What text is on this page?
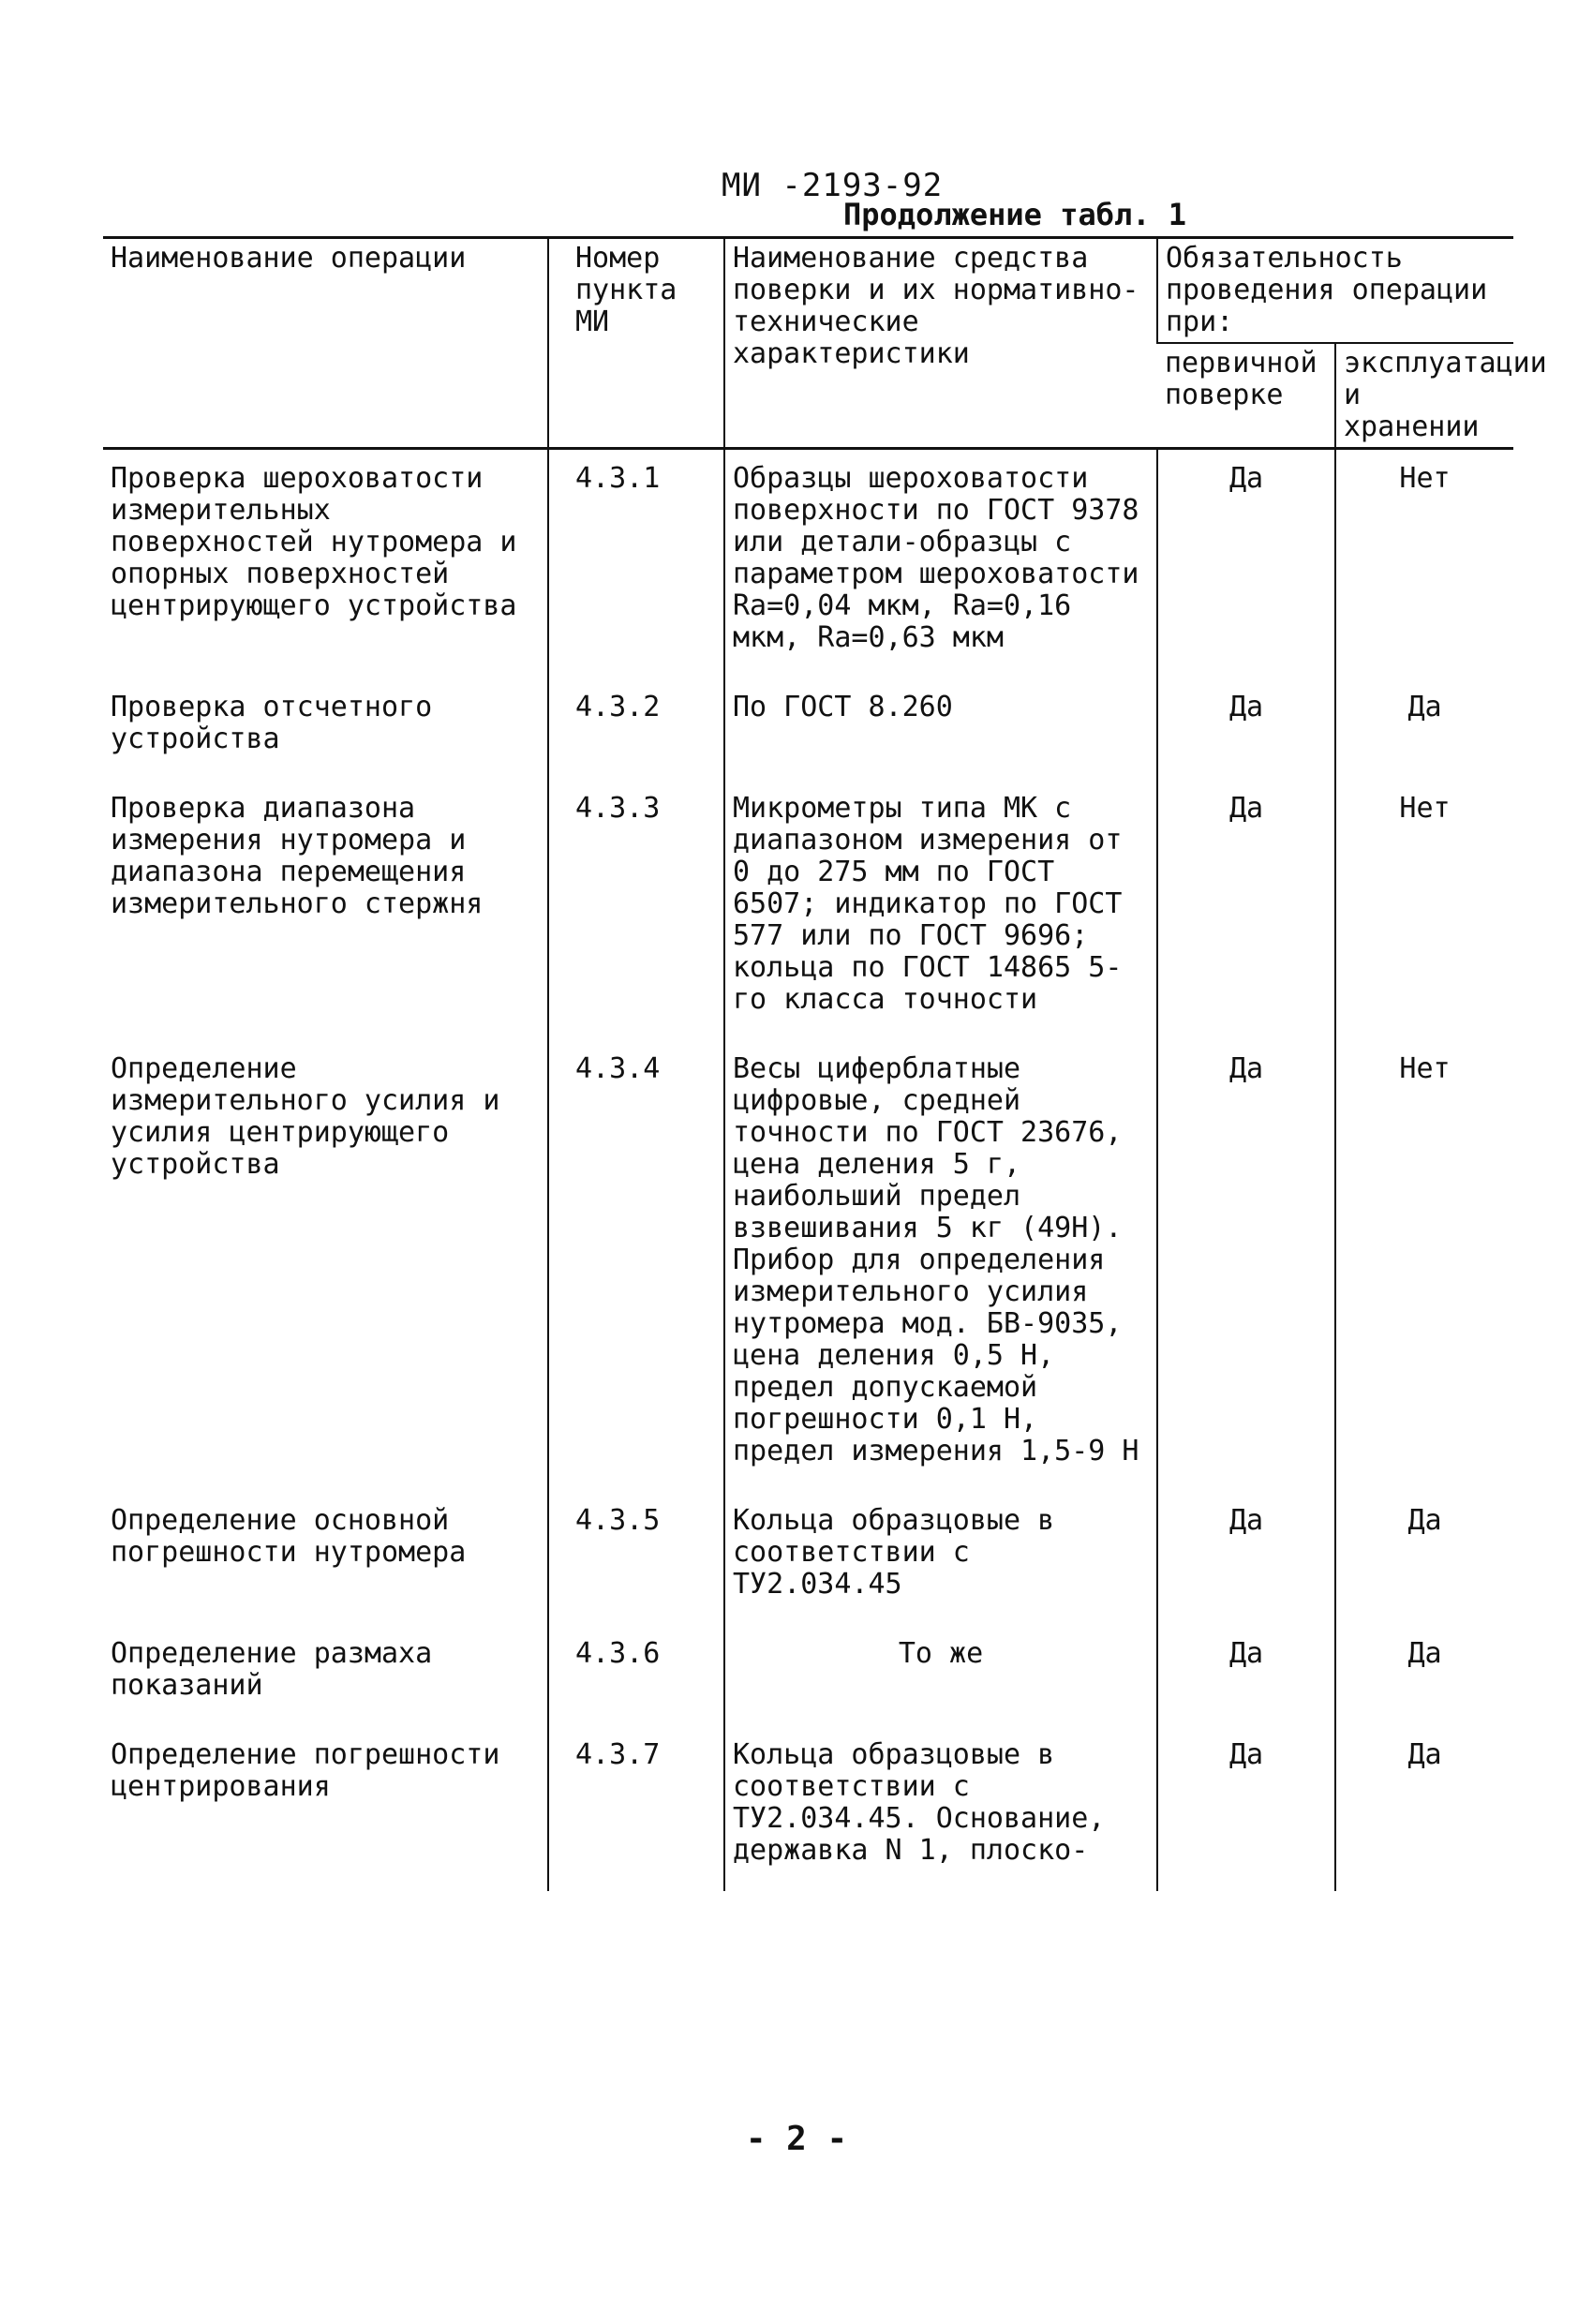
МИ -2193-92
Продолжение табл. 1
Наименование операции	Номер пункта МИ	Наименование средства поверки и их нормативно-технические характеристики	Обязательность проведения операции при:	
			первичной поверке	эксплуатации и хранении
Проверка шероховатости измерительных поверхностей нутромера и опорных поверхностей центрирующего устройства	4.3.1	Образцы шероховатости поверхности по ГОСТ 9378 или детали-образцы с параметром шероховатости Ra=0,04 мкм, Ra=0,16 мкм, Ra=0,63 мкм	Да	Нет
Проверка отсчетного устройства	4.3.2	По ГОСТ 8.260	Да	Да
Проверка диапазона измерения нутромера и диапазона перемещения измерительного стержня	4.3.3	Микрометры типа МК с диапазоном измерения от 0 до 275 мм по ГОСТ 6507; индикатор по ГОСТ 577 или по ГОСТ 9696; кольца по ГОСТ 14865 5-го класса точности	Да	Нет
Определение измерительного усилия и усилия центрирующего устройства	4.3.4	Весы циферблатные цифровые, средней точности по ГОСТ 23676, цена деления 5 г, наибольший предел взвешивания 5 кг (49Н). Прибор для определения измерительного усилия нутромера мод. БВ-9035, цена деления 0,5 Н, предел допускаемой погрешности 0,1 Н, предел измерения 1,5-9 Н	Да	Нет
Определение основной погрешности нутромера	4.3.5	Кольца образцовые в соответствии с ТУ2.034.45	Да	Да
Определение размаха показаний	4.3.6	То же	Да	Да
Определение погрешности центрирования	4.3.7	Кольца образцовые в соответствии с ТУ2.034.45. Основание, державка N 1, плоско-	Да	Да
- 2 -
